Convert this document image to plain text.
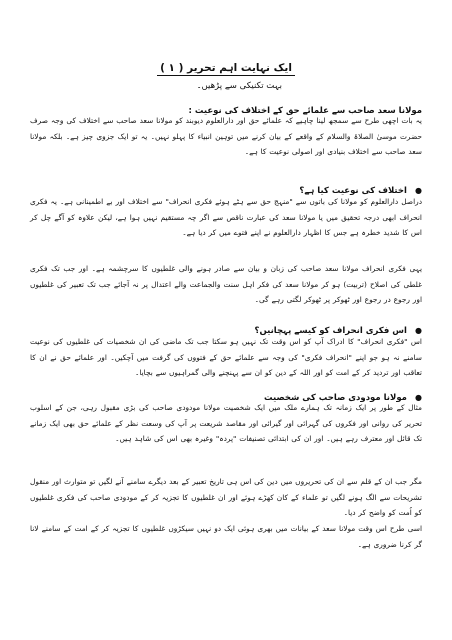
ایک نہایت اہم تحریر ( ۱ )
بہت تکنیکی سے پڑھیں۔
مولانا سعد صاحب سے علمائے حق کے اختلاف کی نوعیت :
یہ بات اچھی طرح سے سمجھ لینا چاہیے کہ علمائے حق اور دارالعلوم دیوبند کو مولانا سعد صاحب سے اختلاف کی وجہ صرف حضرت موسیٰ الصلاۃ والسلام کے واقعے کے بیان کرنے میں توہین انبیاء کا پہلو نہیں۔ یہ تو ایک جزوی چیز ہے۔ بلکہ مولانا سعد صاحب سے اختلاف بنیادی اور اصولی نوعیت کا ہے۔
● اختلاف کی نوعیت کیا ہے؟
دراصل دارالعلوم کو مولانا کی باتوں سے "منہج حق سے ہٹے ہوئے فکری انحراف" سے اختلاف اور بے اطمینانی ہے۔ یہ فکری انحراف ابھی درجہ تحقیق میں یا مولانا سعد کی عبارت ناقص سے اگر چہ مستقیم نہیں ہوا ہے، لیکن علاوہ کو آگے چل کر اس کا شدید خطرہ ہے جس کا اظہار دارالعلوم نے اپنے فتوے میں کر دیا ہے۔
یہی فکری انحراف مولانا سعد صاحب کی زبان و بیان سے صادر ہونے والی غلطیوں کا سرچشمہ ہے۔ اور جب تک فکری غلطی کی اصلاح (تربیت) ہو کر مولانا سعد کی فکر اہل سنت والجماعت والے اعتدال پر نہ آجائے جب تک تعبیر کی غلطیوں اور رجوع در رجوع اور ٹھوکر پر ٹھوکر لگتی رہے گی۔
● اس فکری انحراف کو کیسے پہچانیں؟
اس "فکری انحراف" کا ادراک آپ کو اس وقت تک نہیں ہو سکتا جب تک ماضی کی ان شخصیات کی غلطیوں کی نوعیت سامنے نہ ہو جو اپنے "انحراف فکری" کی وجہ سے علمائے حق کے فتووں کی گرفت میں آچکیں۔ اور علمائے حق نے ان کا تعاقب اور تردید کر کے امت کو اور اللہ کے دین کو ان سے پہنچنے والی گمراہیوں سے بچایا۔
● مولانا مودودی صاحب کی شخصیت
مثال کے طور پر ایک زمانہ تک ہمارے ملک میں ایک شخصیت مولانا مودودی صاحب کی بڑی مقبول رہی، جن کے اسلوب تحریر کی روانی اور فکروں کی گہرائی اور گیرائی اور مقاصد شریعت پر آپ کی وسعت نظر کے علمائے حق بھی ایک زمانے تک قائل اور معترف رہے ہیں۔ اور ان کی ابتدائی تصنیفات "پردہ" وغیرہ بھی اس کی شاہد ہیں۔
مگر جب ان کے قلم سے ان کی تحریروں میں دین کی اس ہی تاریخ تعبیر کے بعد دیگرے سامنے آنے لگیں تو متوارث اور منقول تشریحات سے الگ ہونے لگیں تو علماء کے کان کھڑے ہوئے اور ان غلطیوں کا تجزیہ کر کے مودودی صاحب کی فکری غلطیوں کو اُمت کو واضح کر دیا۔
اسی طرح اس وقت مولانا سعد کے بیانات میں بھری ہوئی ایک دو نہیں سیکڑوں غلطیوں کا تجزیہ کر کے امت کے سامنے لانا گر کرنا ضروری ہے۔
